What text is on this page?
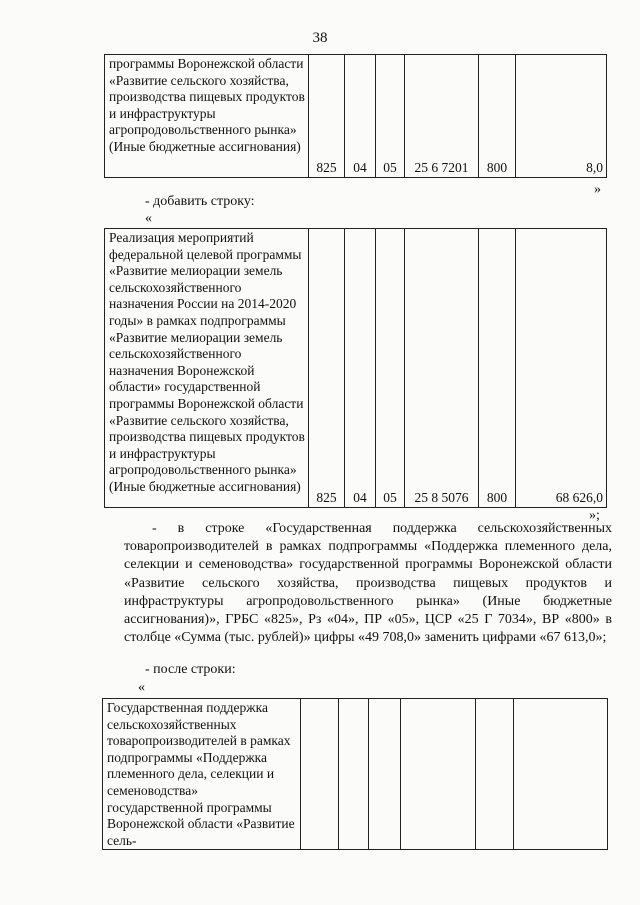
38
программы Воронежской области «Развитие сельского хозяйства, производства пищевых продуктов и инфраструктуры агропродовольственного рынка» (Иные бюджетные ассигнования)	825	04	05	25 6 7201	800	8,0
»
- добавить строку:
«
Реализация мероприятий федеральной целевой программы «Развитие мелиорации земель сельскохозяйственного назначения России на 2014-2020 годы» в рамках подпрограммы «Развитие мелиорации земель сельскохозяйственного назначения Воронежской области» государственной программы Воронежской области «Развитие сельского хозяйства, производства пищевых продуктов и инфраструктуры агропродовольственного рынка» (Иные бюджетные ассигнования)	825	04	05	25 8 5076	800	68 626,0
»;
- в строке «Государственная поддержка сельскохозяйственных товаропроизводителей в рамках подпрограммы «Поддержка племенного дела, селекции и семеноводства» государственной программы Воронежской области «Развитие сельского хозяйства, производства пищевых продуктов и инфраструктуры агропродовольственного рынка» (Иные бюджетные ассигнования)», ГРБС «825», Рз «04», ПР «05», ЦСР «25 Г 7034», ВР «800» в столбце «Сумма (тыс. рублей)» цифры «49 708,0» заменить цифрами «67 613,0»;
- после строки:
«
Государственная поддержка сельскохозяйственных товаропроизводителей в рамках подпрограммы «Поддержка племенного дела, селекции и семеноводства» государственной программы Воронежской области «Развитие сель-						
